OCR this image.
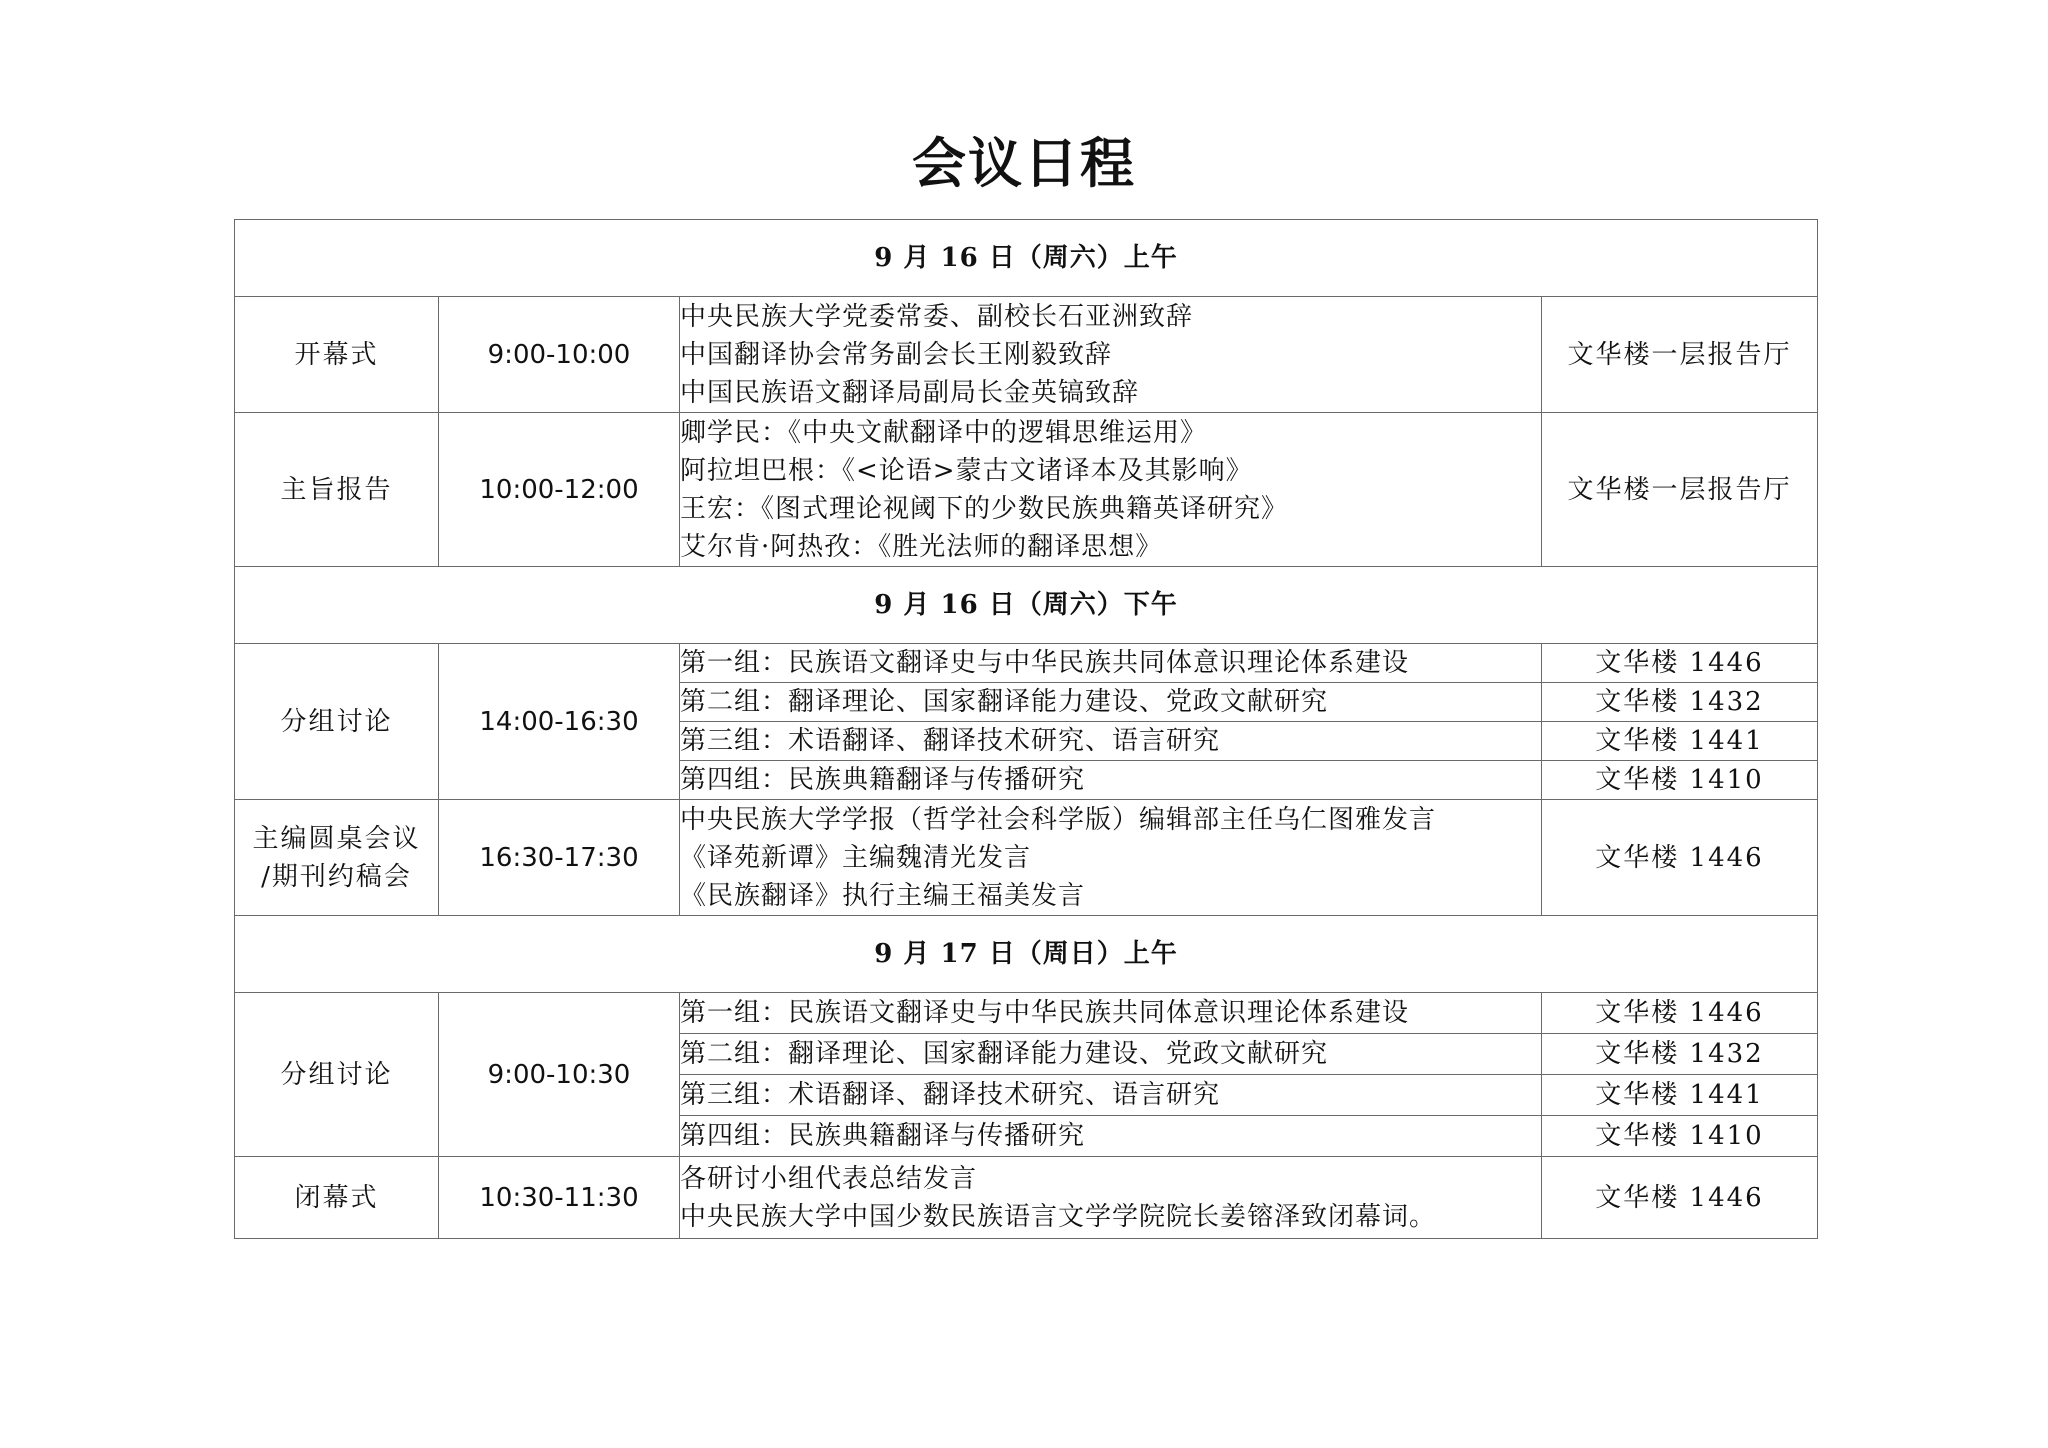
会议日程
9 月 16 日（周六）上午			
开幕式	9:00-10:00	中央民族大学党委常委、副校长石亚洲致辞
中国翻译协会常务副会长王刚毅致辞
中国民族语文翻译局副局长金英镐致辞	文华楼一层报告厅
主旨报告	10:00-12:00	卿学民：《中央文献翻译中的逻辑思维运用》
阿拉坦巴根：《<论语>蒙古文诸译本及其影响》
王宏：《图式理论视阈下的少数民族典籍英译研究》
艾尔肯·阿热孜：《胜光法师的翻译思想》	文华楼一层报告厅
9 月 16 日（周六）下午			
分组讨论	14:00-16:30	第一组：民族语文翻译史与中华民族共同体意识理论体系建设	文华楼 1446
		第二组：翻译理论、国家翻译能力建设、党政文献研究	文华楼 1432
		第三组：术语翻译、翻译技术研究、语言研究	文华楼 1441
		第四组：民族典籍翻译与传播研究	文华楼 1410

主编圆桌会议
/期刊约稿会	16:30-17:30	中央民族大学学报（哲学社会科学版）编辑部主任乌仁图雅发言
《译苑新谭》主编魏清光发言
《民族翻译》执行主编王福美发言	文华楼 1446
9 月 17 日（周日）上午			
分组讨论	9:00-10:30	第一组：民族语文翻译史与中华民族共同体意识理论体系建设	文华楼 1446
		第二组：翻译理论、国家翻译能力建设、党政文献研究	文华楼 1432
		第三组：术语翻译、翻译技术研究、语言研究	文华楼 1441
		第四组：民族典籍翻译与传播研究	文华楼 1410
闭幕式	10:30-11:30	各研讨小组代表总结发言
中央民族大学中国少数民族语言文学学院院长姜镕泽致闭幕词。	文华楼 1446
